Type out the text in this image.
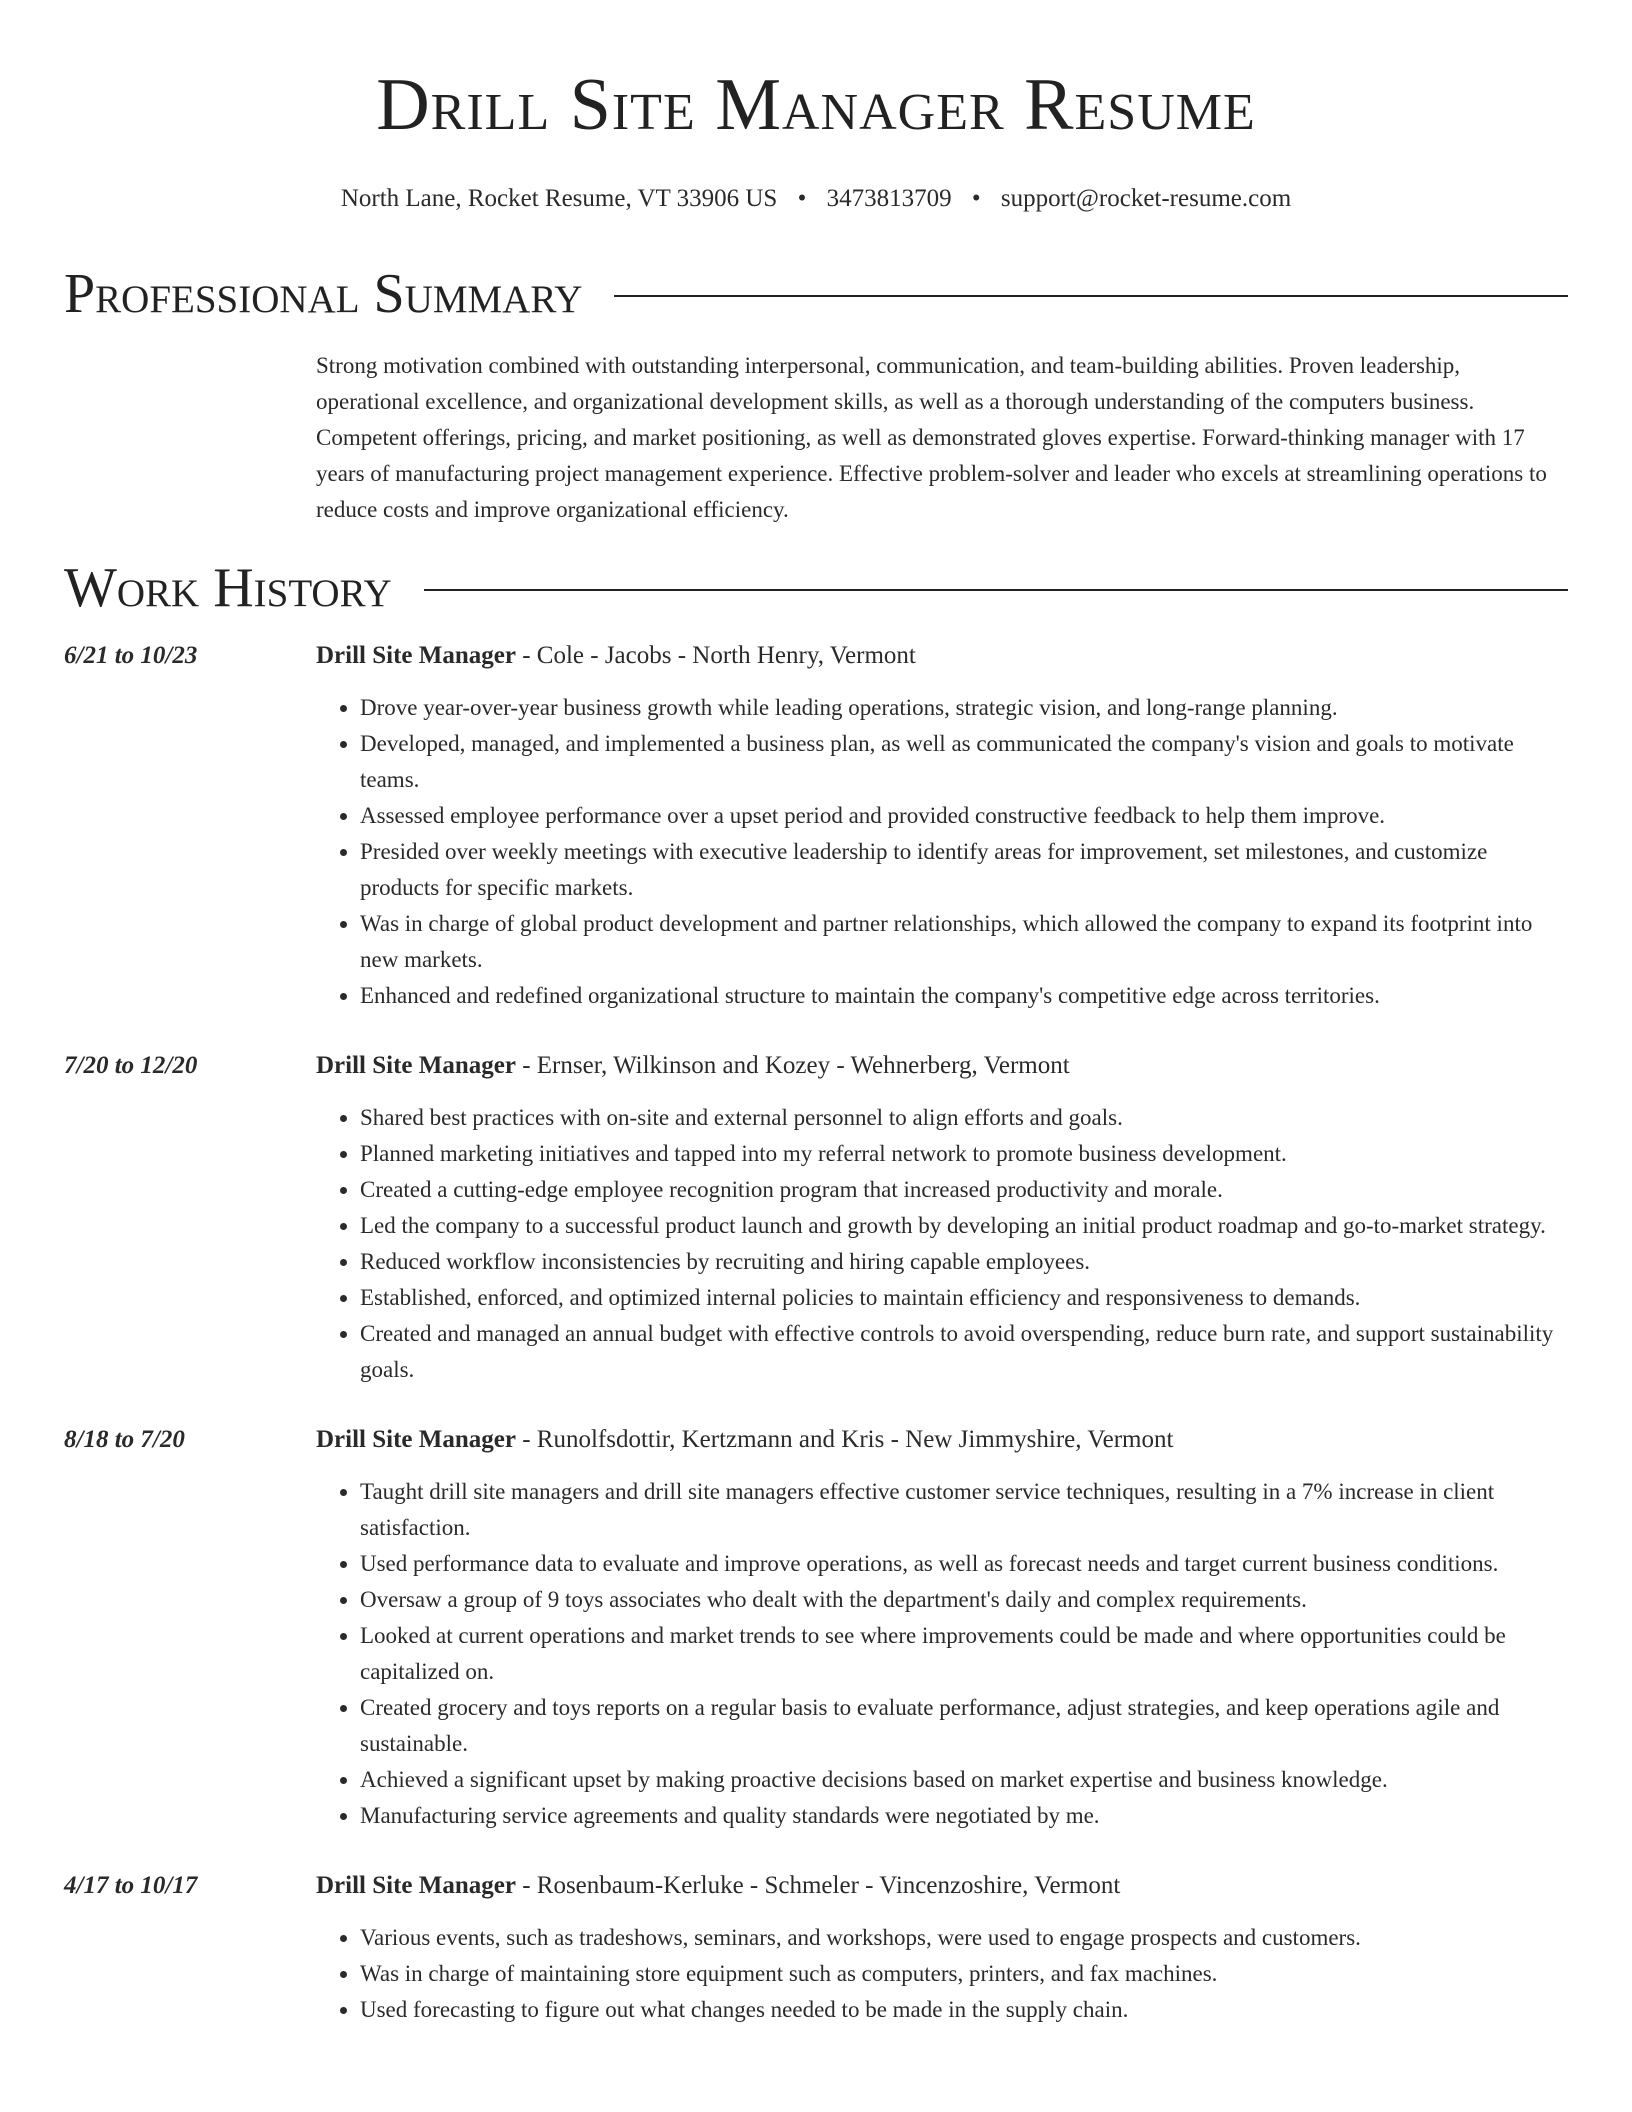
Drill Site Manager Resume
North Lane, Rocket Resume, VT 33906 US • 3473813709 • support@rocket-resume.com
Professional Summary
Strong motivation combined with outstanding interpersonal, communication, and team-building abilities. Proven leadership, operational excellence, and organizational development skills, as well as a thorough understanding of the computers business. Competent offerings, pricing, and market positioning, as well as demonstrated gloves expertise. Forward-thinking manager with 17 years of manufacturing project management experience. Effective problem-solver and leader who excels at streamlining operations to reduce costs and improve organizational efficiency.
Work History
6/21 to 10/23	Drill Site Manager - Cole - Jacobs - North Henry, Vermont
• Drove year-over-year business growth while leading operations, strategic vision, and long-range planning.
• Developed, managed, and implemented a business plan, as well as communicated the company's vision and goals to motivate teams.
• Assessed employee performance over a upset period and provided constructive feedback to help them improve.
• Presided over weekly meetings with executive leadership to identify areas for improvement, set milestones, and customize products for specific markets.
• Was in charge of global product development and partner relationships, which allowed the company to expand its footprint into new markets.
• Enhanced and redefined organizational structure to maintain the company's competitive edge across territories.
7/20 to 12/20	Drill Site Manager - Ernser, Wilkinson and Kozey - Wehnerberg, Vermont
• Shared best practices with on-site and external personnel to align efforts and goals.
• Planned marketing initiatives and tapped into my referral network to promote business development.
• Created a cutting-edge employee recognition program that increased productivity and morale.
• Led the company to a successful product launch and growth by developing an initial product roadmap and go-to-market strategy.
• Reduced workflow inconsistencies by recruiting and hiring capable employees.
• Established, enforced, and optimized internal policies to maintain efficiency and responsiveness to demands.
• Created and managed an annual budget with effective controls to avoid overspending, reduce burn rate, and support sustainability goals.
8/18 to 7/20	Drill Site Manager - Runolfsdottir, Kertzmann and Kris - New Jimmyshire, Vermont
• Taught drill site managers and drill site managers effective customer service techniques, resulting in a 7% increase in client satisfaction.
• Used performance data to evaluate and improve operations, as well as forecast needs and target current business conditions.
• Oversaw a group of 9 toys associates who dealt with the department's daily and complex requirements.
• Looked at current operations and market trends to see where improvements could be made and where opportunities could be capitalized on.
• Created grocery and toys reports on a regular basis to evaluate performance, adjust strategies, and keep operations agile and sustainable.
• Achieved a significant upset by making proactive decisions based on market expertise and business knowledge.
• Manufacturing service agreements and quality standards were negotiated by me.
4/17 to 10/17	Drill Site Manager - Rosenbaum-Kerluke - Schmeler - Vincenzoshire, Vermont
• Various events, such as tradeshows, seminars, and workshops, were used to engage prospects and customers.
• Was in charge of maintaining store equipment such as computers, printers, and fax machines.
• Used forecasting to figure out what changes needed to be made in the supply chain.
